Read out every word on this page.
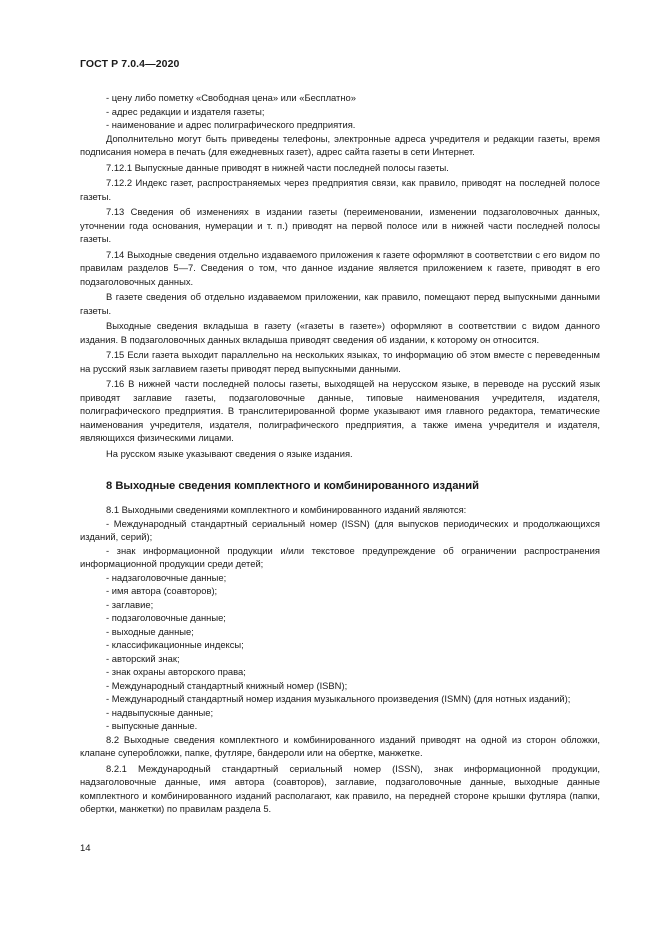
ГОСТ Р 7.0.4—2020

- цену либо пометку «Свободная цена» или «Бесплатно»

- адрес редакции и издателя газеты;

- наименование и адрес полиграфического предприятия.

Дополнительно могут быть приведены телефоны, электронные адреса учредителя и редакции газеты, время подписания номера в печать (для ежедневных газет), адрес сайта газеты в сети Интернет.

7.12.1 Выпускные данные приводят в нижней части последней полосы газеты.

7.12.2 Индекс газет, распространяемых через предприятия связи, как правило, приводят на последней полосе газеты.

7.13 Сведения об изменениях в издании газеты (переименовании, изменении подзаголовочных данных, уточнении года основания, нумерации и т. п.) приводят на первой полосе или в нижней части последней полосы газеты.

7.14 Выходные сведения отдельно издаваемого приложения к газете оформляют в соответствии с его видом по правилам разделов 5—7. Сведения о том, что данное издание является приложением к газете, приводят в его подзаголовочных данных.

В газете сведения об отдельно издаваемом приложении, как правило, помещают перед выпускными данными газеты.

Выходные сведения вкладыша в газету («газеты в газете») оформляют в соответствии с видом данного издания. В подзаголовочных данных вкладыша приводят сведения об издании, к которому он относится.

7.15 Если газета выходит параллельно на нескольких языках, то информацию об этом вместе с переведенным на русский язык заглавием газеты приводят перед выпускными данными.

7.16 В нижней части последней полосы газеты, выходящей на нерусском языке, в переводе на русский язык приводят заглавие газеты, подзаголовочные данные, типовые наименования учредителя, издателя, полиграфического предприятия. В транслитерированной форме указывают имя главного редактора, тематические наименования учредителя, издателя, полиграфического предприятия, а также имена учредителя и издателя, являющихся физическими лицами.

На русском языке указывают сведения о языке издания.

8 Выходные сведения комплектного и комбинированного изданий

8.1 Выходными сведениями комплектного и комбинированного изданий являются:

- Международный стандартный сериальный номер (ISSN) (для выпусков периодических и продолжающихся изданий, серий);

- знак информационной продукции и/или текстовое предупреждение об ограничении распространения информационной продукции среди детей;

- надзаголовочные данные;

- имя автора (соавторов);

- заглавие;

- подзаголовочные данные;

- выходные данные;

- классификационные индексы;

- авторский знак;

- знак охраны авторского права;

- Международный стандартный книжный номер (ISBN);

- Международный стандартный номер издания музыкального произведения (ISMN) (для нотных изданий);

- надвыпускные данные;

- выпускные данные.

8.2 Выходные сведения комплектного и комбинированного изданий приводят на одной из сторон обложки, клапане суперобложки, папке, футляре, бандероли или на обертке, манжетке.

8.2.1 Международный стандартный сериальный номер (ISSN), знак информационной продукции, надзаголовочные данные, имя автора (соавторов), заглавие, подзаголовочные данные, выходные данные комплектного и комбинированного изданий располагают, как правило, на передней стороне крышки футляра (папки, обертки, манжетки) по правилам раздела 5.

14
